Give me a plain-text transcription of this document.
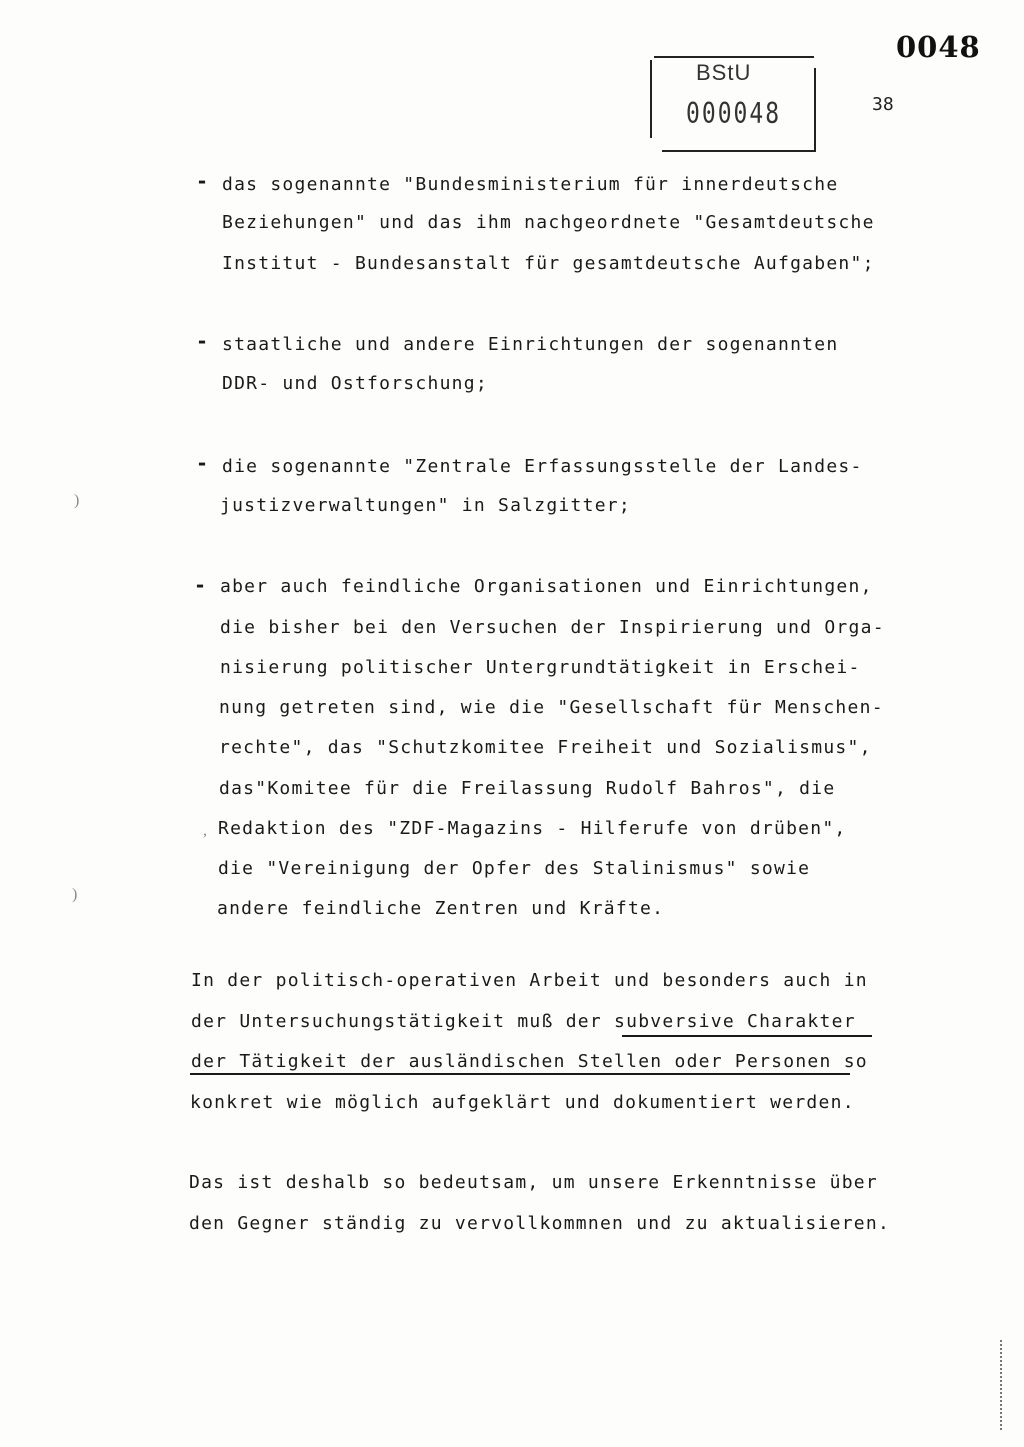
0048
BStU
000048	38
- das sogenannte "Bundesministerium für innerdeutsche
Beziehungen" und das ihm nachgeordnete "Gesamtdeutsche
Institut - Bundesanstalt für gesamtdeutsche Aufgaben";
- staatliche und andere Einrichtungen der sogenannten
DDR- und Ostforschung;
- die sogenannte "Zentrale Erfassungsstelle der Landes-
justizverwaltungen" in Salzgitter;
- aber auch feindliche Organisationen und Einrichtungen,
die bisher bei den Versuchen der Inspirierung und Orga-
nisierung politischer Untergrundtätigkeit in Erschei-
nung getreten sind, wie die "Gesellschaft für Menschen-
rechte", das "Schutzkomitee Freiheit und Sozialismus",
das"Komitee für die Freilassung Rudolf Bahros", die
Redaktion des "ZDF-Magazins - Hilferufe von drüben",
die "Vereinigung der Opfer des Stalinismus" sowie
andere feindliche Zentren und Kräfte.
In der politisch-operativen Arbeit und besonders auch in
der Untersuchungstätigkeit muß der subversive Charakter
der Tätigkeit der ausländischen Stellen oder Personen so
konkret wie möglich aufgeklärt und dokumentiert werden.
Das ist deshalb so bedeutsam, um unsere Erkenntnisse über
den Gegner ständig zu vervollkommnen und zu aktualisieren.
)
)
,
